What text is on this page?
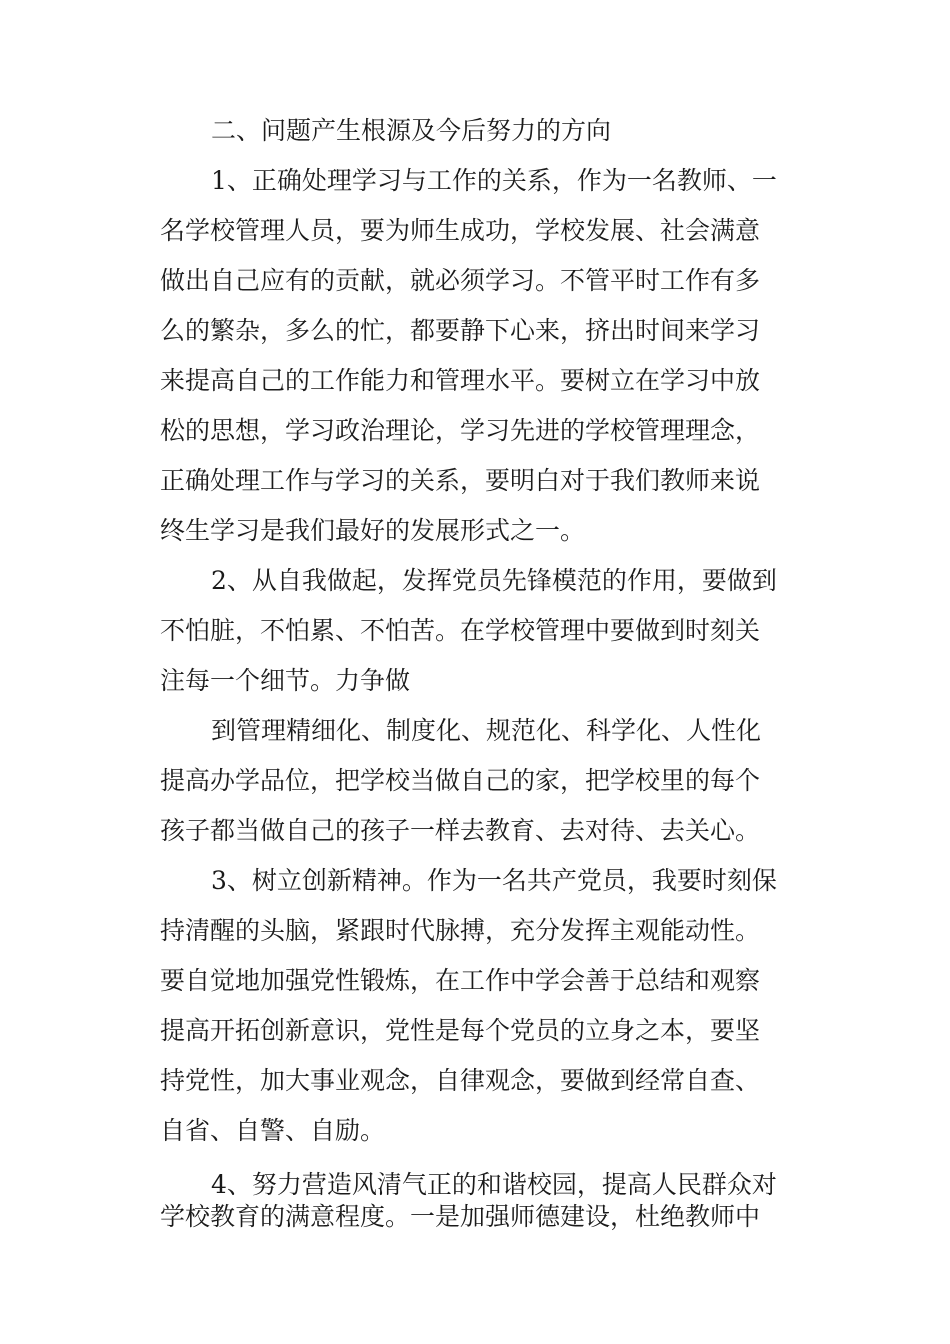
二、问题产生根源及今后努力的方向

1、正确处理学习与工作的关系，作为一名教师、一

名学校管理人员，要为师生成功，学校发展、社会满意

做出自己应有的贡献，就必须学习。不管平时工作有多

么的繁杂，多么的忙，都要静下心来，挤出时间来学习

来提高自己的工作能力和管理水平。要树立在学习中放

松的思想，学习政治理论，学习先进的学校管理理念，

正确处理工作与学习的关系，要明白对于我们教师来说

终生学习是我们最好的发展形式之一。

2、从自我做起，发挥党员先锋模范的作用，要做到

不怕脏，不怕累、不怕苦。在学校管理中要做到时刻关

注每一个细节。力争做

到管理精细化、制度化、规范化、科学化、人性化

提高办学品位，把学校当做自己的家，把学校里的每个

孩子都当做自己的孩子一样去教育、去对待、去关心。

3、树立创新精神。作为一名共产党员，我要时刻保

持清醒的头脑，紧跟时代脉搏，充分发挥主观能动性。

要自觉地加强党性锻炼，在工作中学会善于总结和观察

提高开拓创新意识，党性是每个党员的立身之本，要坚

持党性，加大事业观念，自律观念，要做到经常自查、

自省、自警、自励。

4、努力营造风清气正的和谐校园，提高人民群众对

学校教育的满意程度。一是加强师德建设，杜绝教师中
